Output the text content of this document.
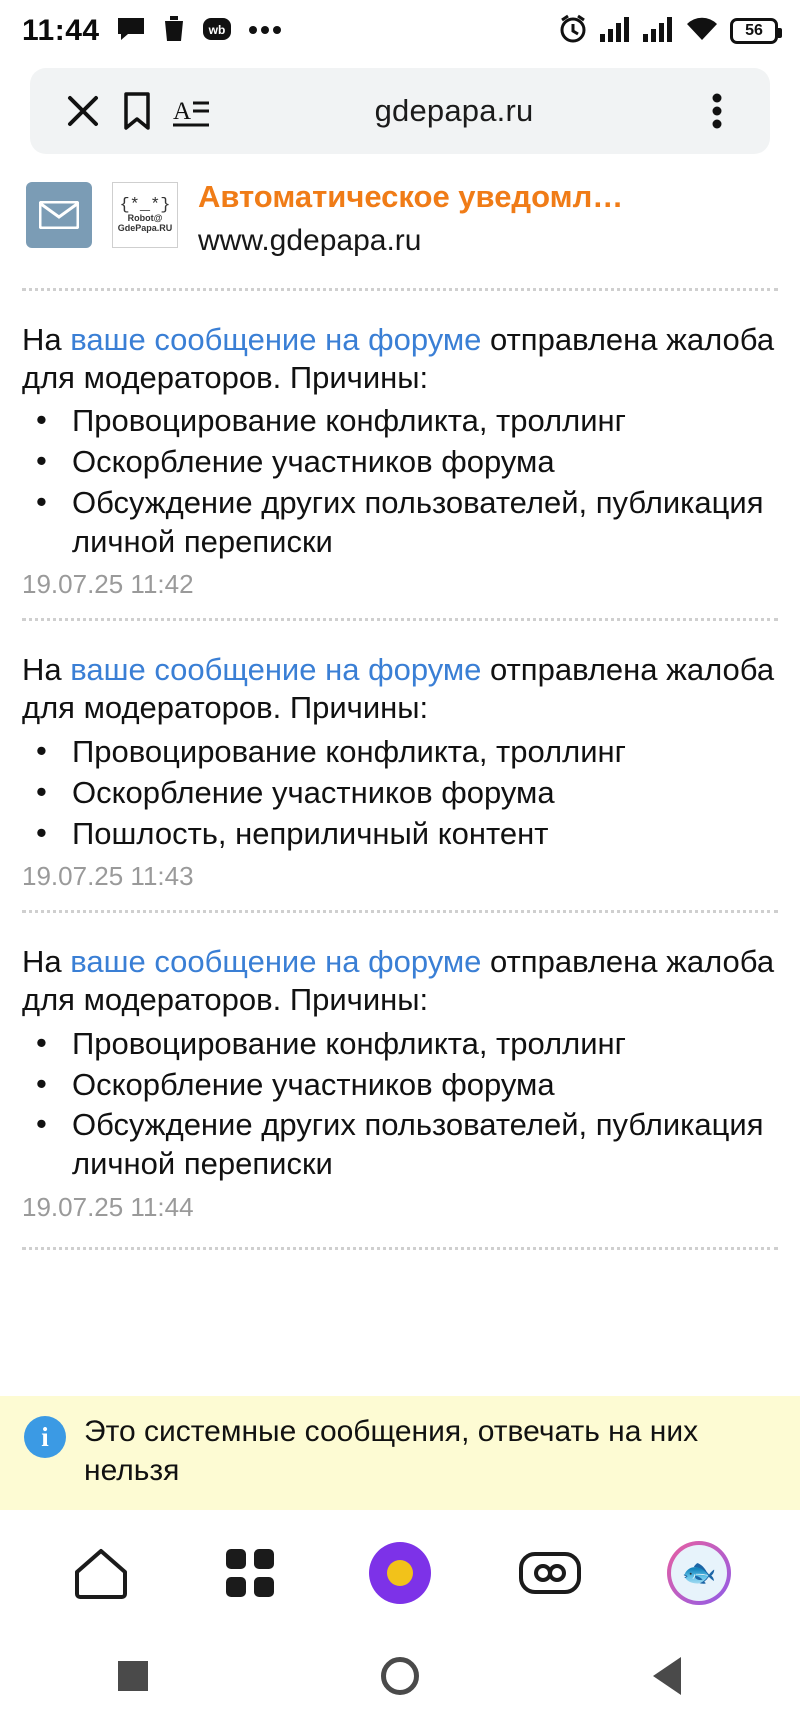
11:44	wb	56
A	gdepapa.ru
{*_*}
Robot@
GdePapa.RU
Автоматическое уведомл…
www.gdepapa.ru
На ваше сообщение на форуме отправлена жалоба для модераторов. Причины:
• Провоцирование конфликта, троллинг
• Оскорбление участников форума
• Обсуждение других пользователей, публикация личной переписки
19.07.25 11:42
На ваше сообщение на форуме отправлена жалоба для модераторов. Причины:
• Провоцирование конфликта, троллинг
• Оскорбление участников форума
• Пошлость, неприличный контент
19.07.25 11:43
На ваше сообщение на форуме отправлена жалоба для модераторов. Причины:
• Провоцирование конфликта, троллинг
• Оскорбление участников форума
• Обсуждение других пользователей, публикация личной переписки
19.07.25 11:44
i	Это системные сообщения, отвечать на них нельзя
🐟
